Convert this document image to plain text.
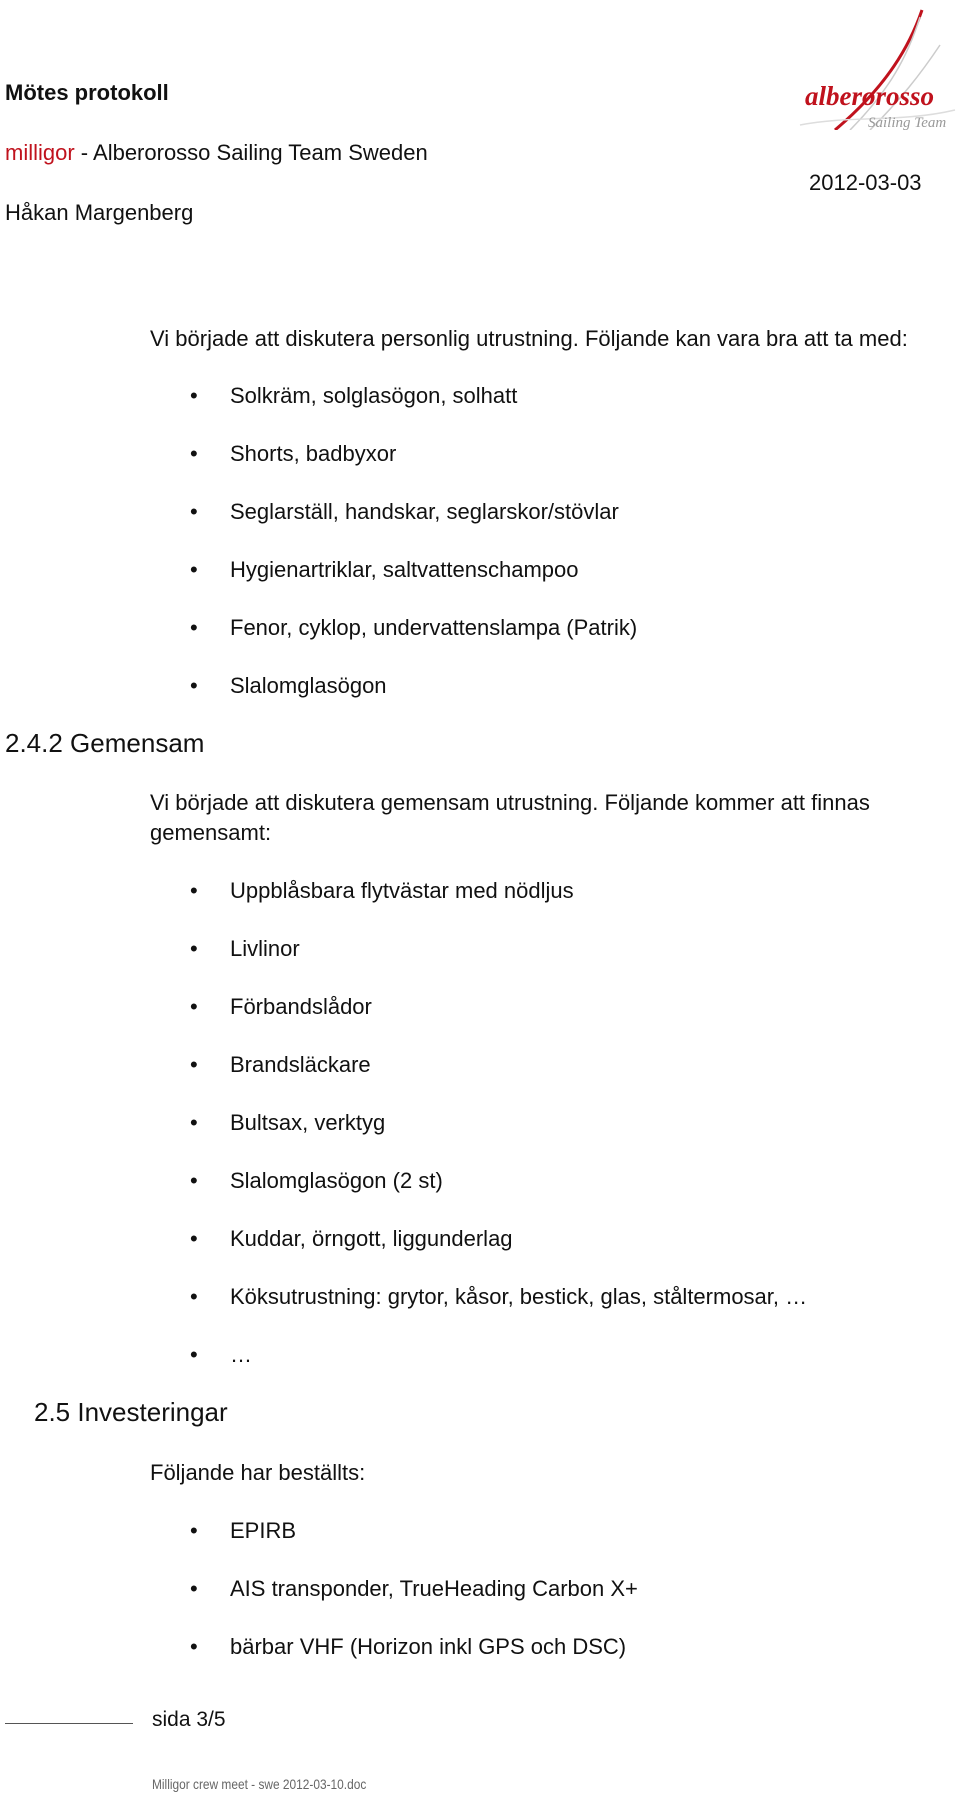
Mötes protokoll
milligor - Alberorosso Sailing Team Sweden
Håkan Margenberg
2012-03-03
alberorosso
Sailing Team
Vi började att diskutera personlig utrustning. Följande kan vara bra att ta med:
• Solkräm, solglasögon, solhatt
• Shorts, badbyxor
• Seglarställ, handskar, seglarskor/stövlar
• Hygienartriklar, saltvattenschampoo
• Fenor, cyklop, undervattenslampa (Patrik)
• Slalomglasögon
2.4.2 Gemensam
Vi började att diskutera gemensam utrustning. Följande kommer att finnas gemensamt:
• Uppblåsbara flytvästar med nödljus
• Livlinor
• Förbandslådor
• Brandsläckare
• Bultsax, verktyg
• Slalomglasögon (2 st)
• Kuddar, örngott, liggunderlag
• Köksutrustning: grytor, kåsor, bestick, glas, ståltermosar, …
• …
2.5 Investeringar
Följande har beställts:
• EPIRB
• AIS transponder, TrueHeading Carbon X+
• bärbar VHF (Horizon inkl GPS och DSC)
sida 3/5
Milligor crew meet - swe 2012-03-10.doc
